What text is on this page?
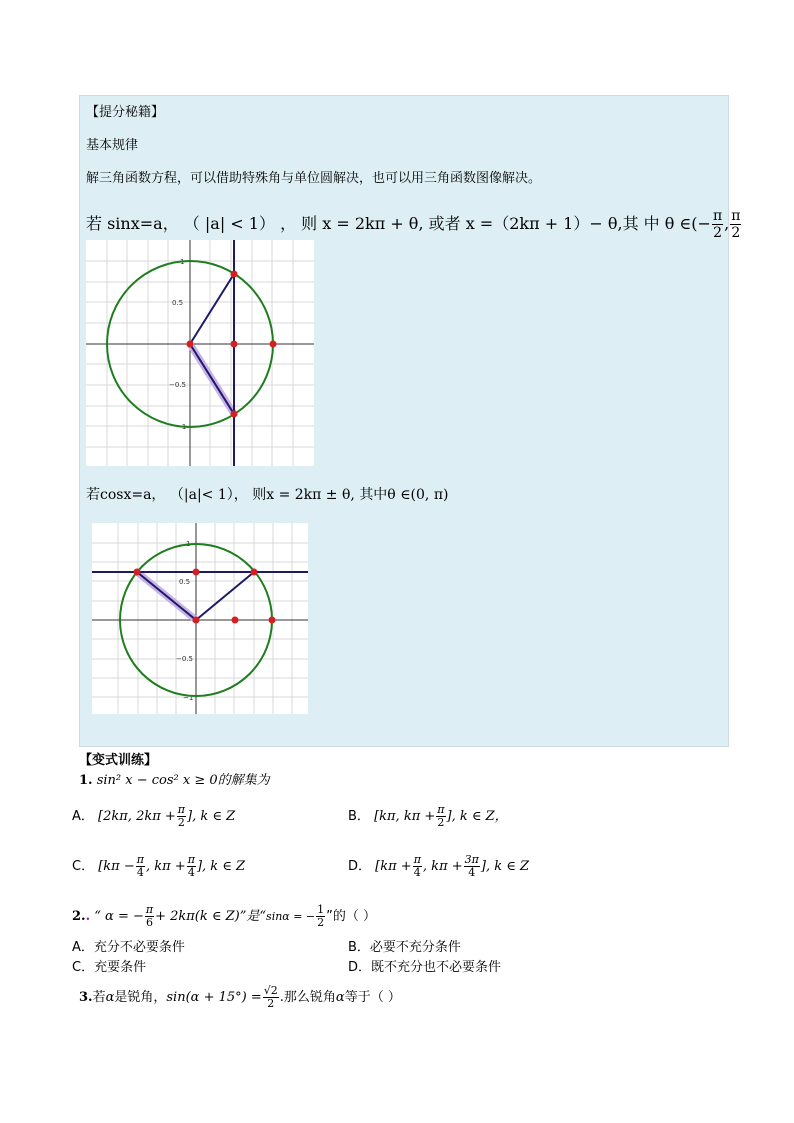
【提分秘籍】
基本规律
解三角函数方程，可以借助特殊角与单位圆解决，也可以用三角函数图像解决。
若 sinx=a， （ |a| < 1） ， 则 x = 2kπ + θ, 或者 x =（2kπ + 1）− θ,其 中 θ ∈(− $\frac{\pi}{2}$ , $\frac{\pi}{2}$
1
0.5
−0.5
−1
若cosx=a， （|a|< 1）， 则x = 2kπ ± θ, 其中θ ∈(0, π)
1
0.5
−0.5
−1
【变式训练】
1. sin² x − cos² x ≥ 0的解集为
A． [2kπ, $2k\pi + \frac{\pi}{2}$ ], k ∈ Z	B． [kπ, $k\pi + \frac{\pi}{2}$ ], k ∈ Z，
C． [$k\pi - \frac{\pi}{4}$ , $k\pi + \frac{\pi}{4}$ ], k ∈ Z	D． [$k\pi + \frac{\pi}{4}$ , $k\pi + \frac{3\pi}{4}$ ], k ∈ Z
2.. “ α = − $\frac{\pi}{6} + 2k\pi(k$ ∈ Z)”是“sinα = − $\frac{1}{2}$ ”的（ ）
A．充分不必要条件	B．必要不充分条件
C．充要条件	D．既不充分也不必要条件
3.若α是锐角，$\sin(\alpha + 15^\circ) = \frac{√2}{2}$ .那么锐角α等于（ ）
